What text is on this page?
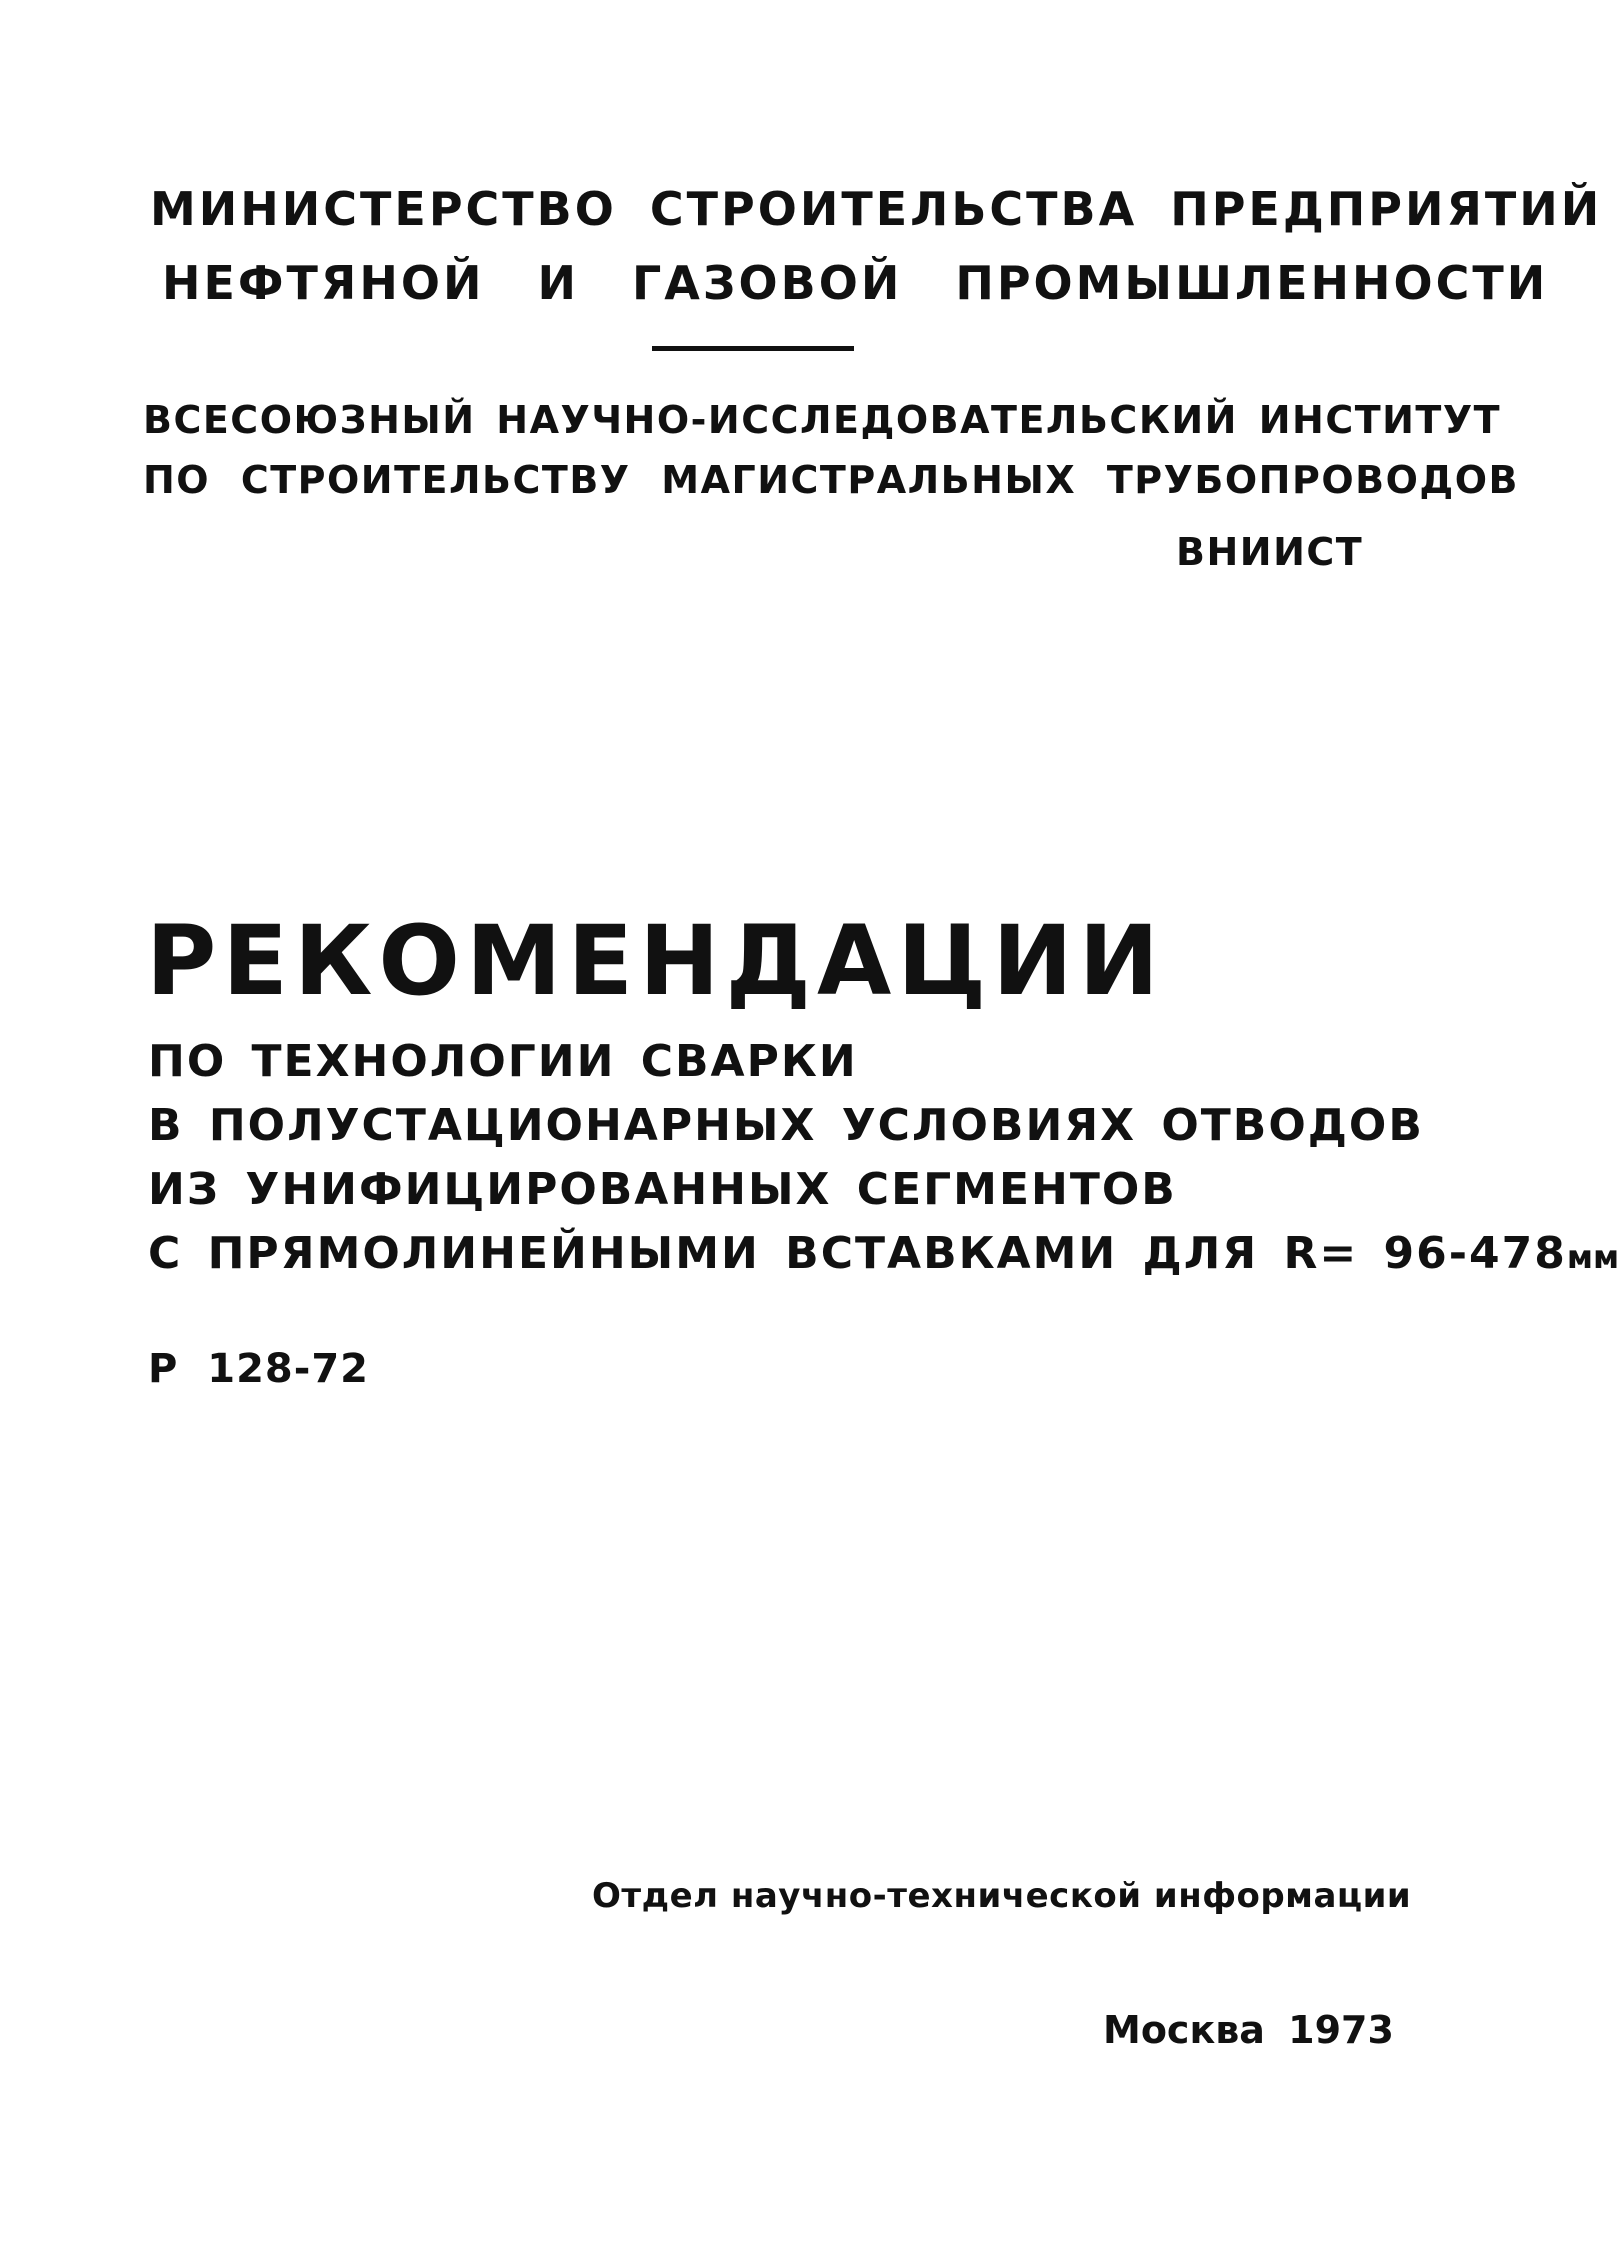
МИНИСТЕРСТВО СТРОИТЕЛЬСТВА ПРЕДПРИЯТИЙ
НЕФТЯНОЙ И ГАЗОВОЙ ПРОМЫШЛЕННОСТИ
ВСЕСОЮЗНЫЙ НАУЧНО-ИССЛЕДОВАТЕЛЬСКИЙ ИНСТИТУТ
ПО СТРОИТЕЛЬСТВУ МАГИСТРАЛЬНЫХ ТРУБОПРОВОДОВ
ВНИИСТ
РЕКОМЕНДАЦИИ
ПО ТЕХНОЛОГИИ СВАРКИ
В ПОЛУСТАЦИОНАРНЫХ УСЛОВИЯХ ОТВОДОВ
ИЗ УНИФИЦИРОВАННЫХ СЕГМЕНТОВ
С ПРЯМОЛИНЕЙНЫМИ ВСТАВКАМИ ДЛЯ R= 96-478мм
Р 128-72
Отдел научно-технической информации
Москва 1973
